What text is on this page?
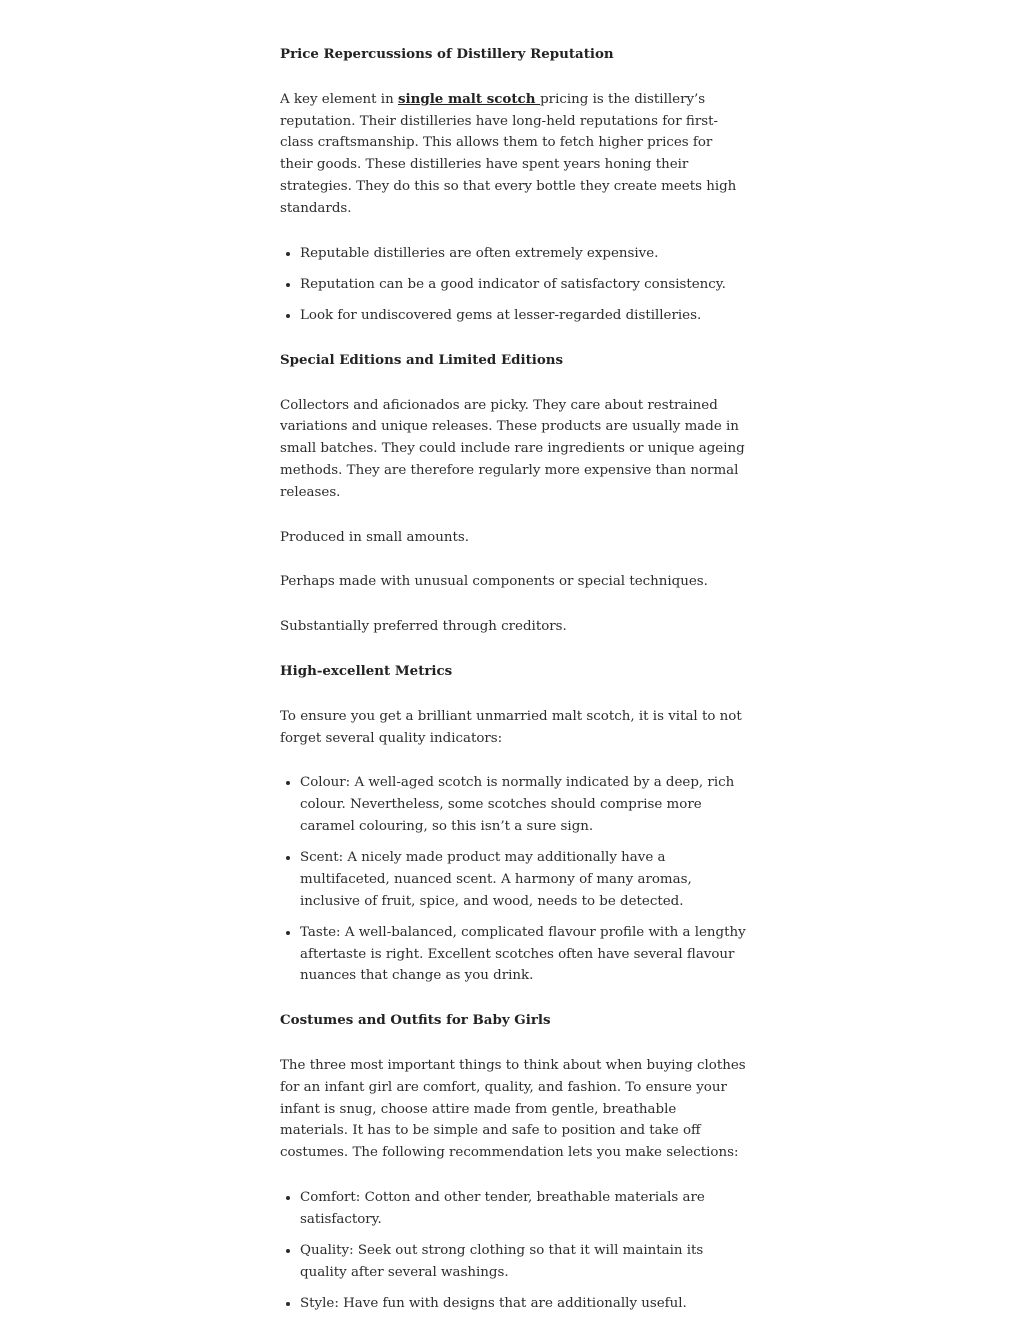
Price Repercussions of Distillery Reputation

A key element in single malt scotch pricing is the distillery’s reputation. Their distilleries have long-held reputations for first-class craftsmanship. This allows them to fetch higher prices for their goods. These distilleries have spent years honing their strategies. They do this so that every bottle they create meets high standards.

• Reputable distilleries are often extremely expensive.
• Reputation can be a good indicator of satisfactory consistency.
• Look for undiscovered gems at lesser-regarded distilleries.

Special Editions and Limited Editions

Collectors and aficionados are picky. They care about restrained variations and unique releases. These products are usually made in small batches. They could include rare ingredients or unique ageing methods. They are therefore regularly more expensive than normal releases.

Produced in small amounts.

Perhaps made with unusual components or special techniques.

Substantially preferred through creditors.

High-excellent Metrics

To ensure you get a brilliant unmarried malt scotch, it is vital to not forget several quality indicators:

• Colour: A well-aged scotch is normally indicated by a deep, rich colour. Nevertheless, some scotches should comprise more caramel colouring, so this isn’t a sure sign.
• Scent: A nicely made product may additionally have a multifaceted, nuanced scent. A harmony of many aromas, inclusive of fruit, spice, and wood, needs to be detected.
• Taste: A well-balanced, complicated flavour profile with a lengthy aftertaste is right. Excellent scotches often have several flavour nuances that change as you drink.

Costumes and Outfits for Baby Girls

The three most important things to think about when buying clothes for an infant girl are comfort, quality, and fashion. To ensure your infant is snug, choose attire made from gentle, breathable materials. It has to be simple and safe to position and take off costumes. The following recommendation lets you make selections:

• Comfort: Cotton and other tender, breathable materials are satisfactory.
• Quality: Seek out strong clothing so that it will maintain its quality after several washings.
• Style: Have fun with designs that are additionally useful.
